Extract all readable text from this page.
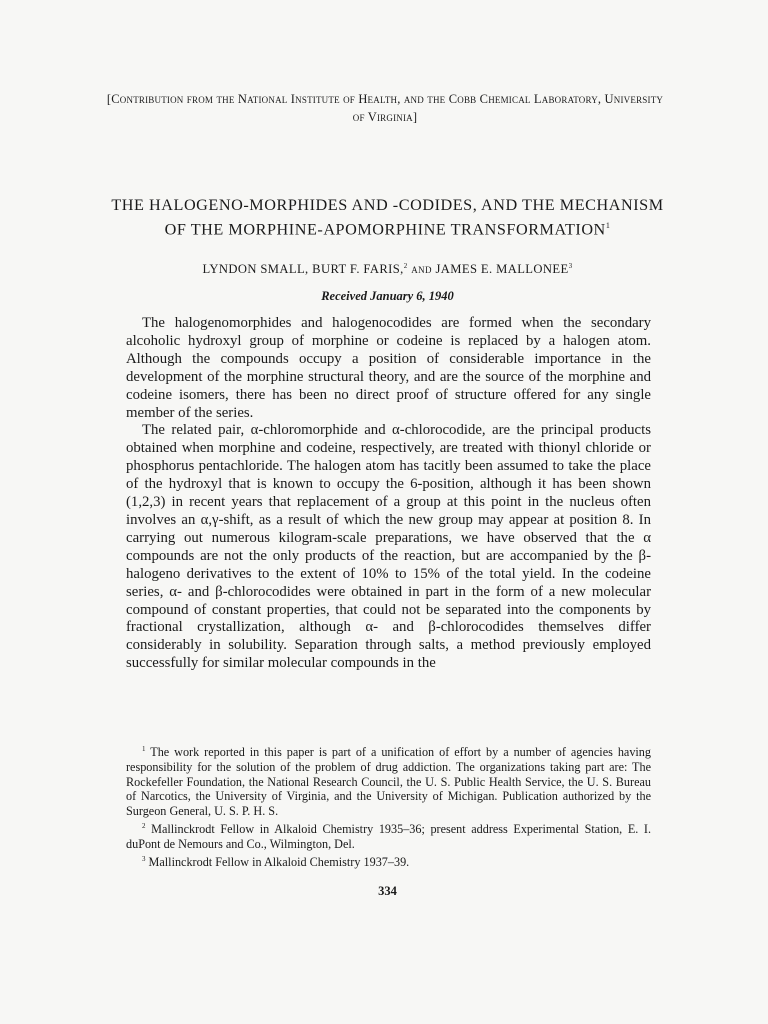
[Contribution from the National Institute of Health, and the Cobb Chemical Laboratory, University of Virginia]
THE HALOGENO-MORPHIDES AND -CODIDES, AND THE MECHANISM OF THE MORPHINE-APOMORPHINE TRANSFORMATION$^1$
LYNDON SMALL, BURT F. FARIS,$^2$ and JAMES E. MALLONEE$^3$
Received January 6, 1940

The halogenomorphides and halogenocodides are formed when the secondary alcoholic hydroxyl group of morphine or codeine is replaced by a halogen atom. Although the compounds occupy a position of considerable importance in the development of the morphine structural theory, and are the source of the morphine and codeine isomers, there has been no direct proof of structure offered for any single member of the series.

The related pair, α-chloromorphide and α-chlorocodide, are the principal products obtained when morphine and codeine, respectively, are treated with thionyl chloride or phosphorus pentachloride. The halogen atom has tacitly been assumed to take the place of the hydroxyl that is known to occupy the 6-position, although it has been shown (1,2,3) in recent years that replacement of a group at this point in the nucleus often involves an α,γ-shift, as a result of which the new group may appear at position 8. In carrying out numerous kilogram-scale preparations, we have observed that the α compounds are not the only products of the reaction, but are accompanied by the β-halogeno derivatives to the extent of 10% to 15% of the total yield. In the codeine series, α- and β-chlorocodides were obtained in part in the form of a new molecular compound of constant properties, that could not be separated into the components by fractional crystallization, although α- and β-chlorocodides themselves differ considerably in solubility. Separation through salts, a method previously employed successfully for similar molecular compounds in the

$^1$ The work reported in this paper is part of a unification of effort by a number of agencies having responsibility for the solution of the problem of drug addiction. The organizations taking part are: The Rockefeller Foundation, the National Research Council, the U. S. Public Health Service, the U. S. Bureau of Narcotics, the University of Virginia, and the University of Michigan. Publication authorized by the Surgeon General, U. S. P. H. S.

$^2$ Mallinckrodt Fellow in Alkaloid Chemistry 1935–36; present address Experimental Station, E. I. duPont de Nemours and Co., Wilmington, Del.

$^3$ Mallinckrodt Fellow in Alkaloid Chemistry 1937–39.

334
